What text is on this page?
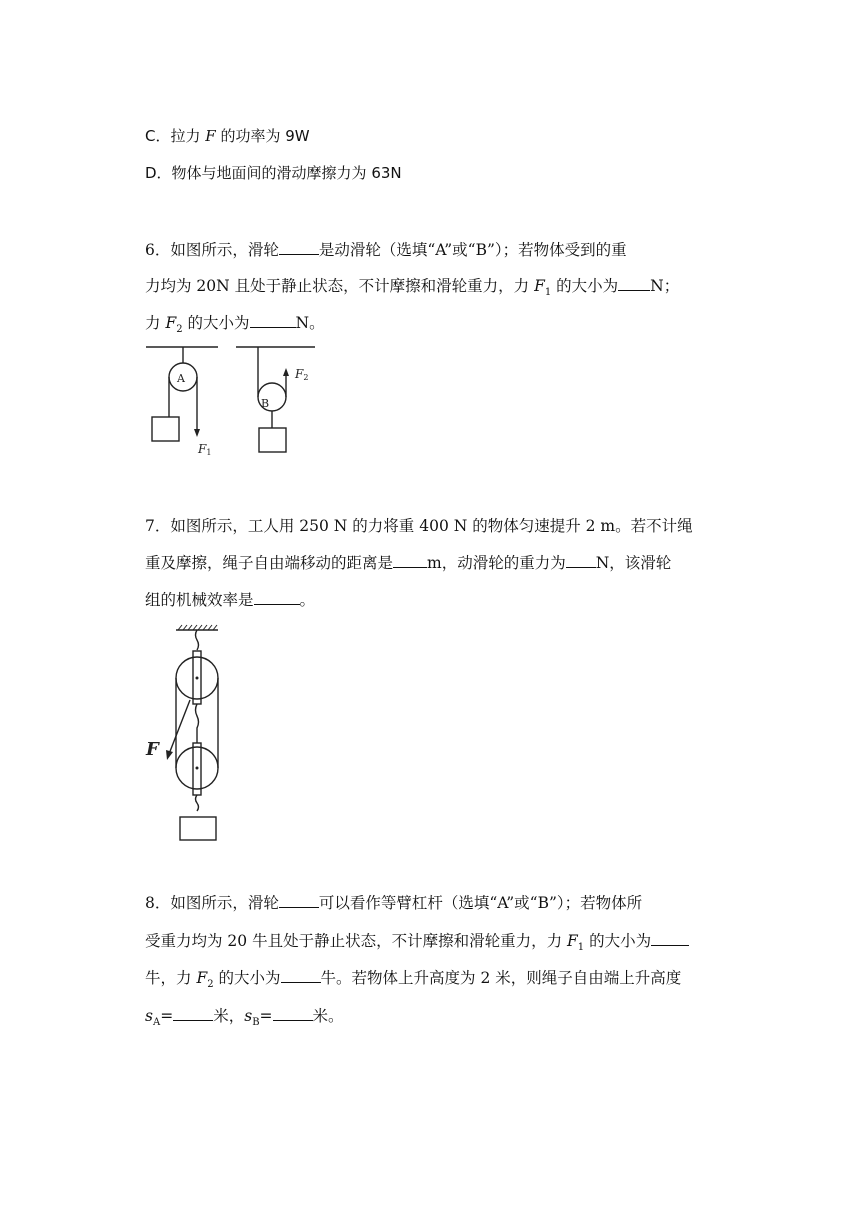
C．拉力 F 的功率为 9W
D．物体与地面间的滑动摩擦力为 63N
6．如图所示，滑轮	是动滑轮（选填“A”或“B”）；若物体受到的重
力均为 20N 且处于静止状态，不计摩擦和滑轮重力，力 $F_1$ 的大小为 N；
力 $F_2$ 的大小为	N。
A
B
F1
F2
7．如图所示，工人用 250 N 的力将重 400 N 的物体匀速提升 2 m。若不计绳
重及摩擦，绳子自由端移动的距离是 m，动滑轮的重力为 N，该滑轮
组的机械效率是	。
F
8．如图所示，滑轮	可以看作等臂杠杆（选填“A”或“B”）；若物体所
受重力均为 20 牛且处于静止状态，不计摩擦和滑轮重力，力 $F_1$ 的大小为
牛，力 $F_2$ 的大小为	牛。若物体上升高度为 2 米，则绳子自由端上升高度
$s_A=$	米，$s_B=$	米。
